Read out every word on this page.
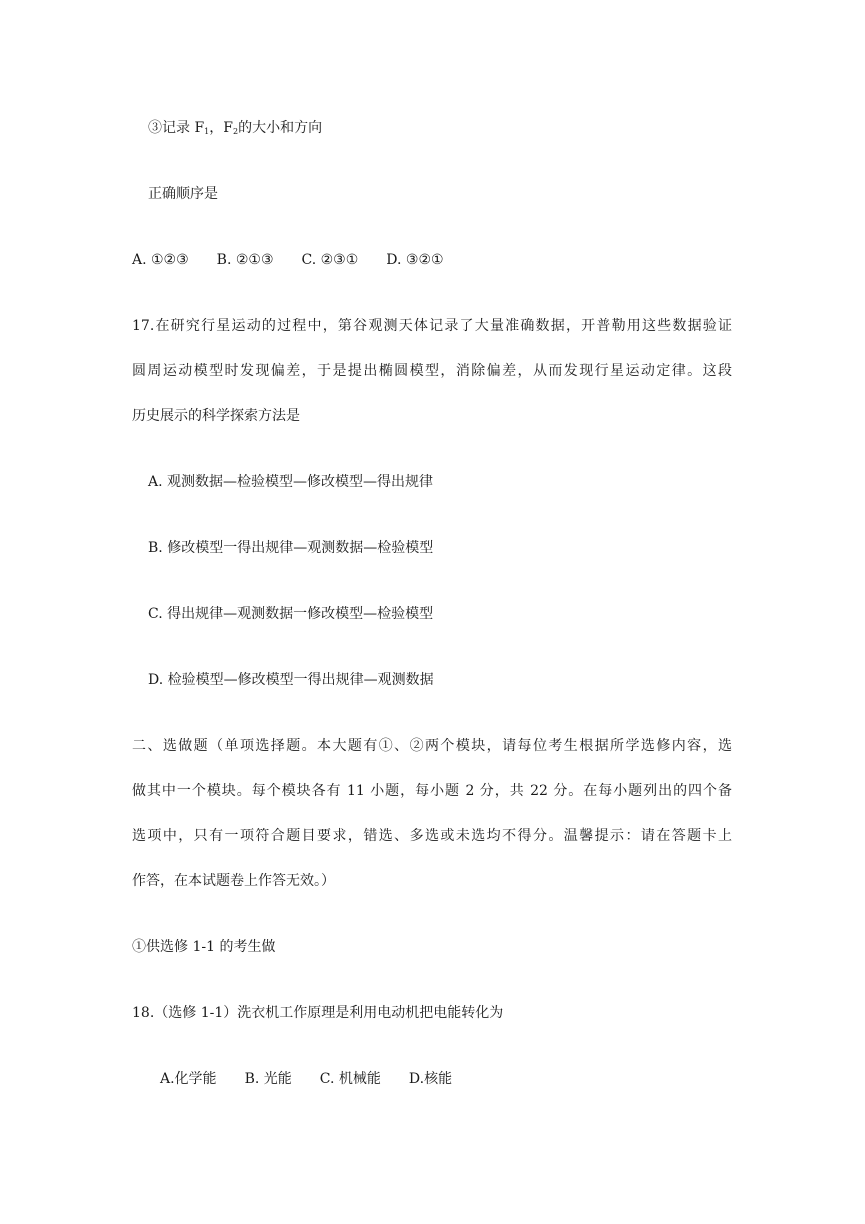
③记录 $F_1$，$F_2$的大小和方向
正确顺序是
A. ①②③ B. ②①③ C. ②③① D. ③②①
17.在研究行星运动的过程中，第谷观测天体记录了大量准确数据，开普勒用这些数据验证
圆周运动模型时发现偏差，于是提出椭圆模型，消除偏差，从而发现行星运动定律。这段
历史展示的科学探索方法是
A. 观测数据—检验模型—修改模型—得出规律
B. 修改模型一得出规律—观测数据—检验模型
C. 得出规律—观测数据一修改模型—检验模型
D. 检验模型—修改模型一得出规律—观测数据
二、选做题（单项选择题。本大题有①、②两个模块，请每位考生根据所学选修内容，选
做其中一个模块。每个模块各有 11 小题，每小题 2 分，共 22 分。在每小题列出的四个备
选项中，只有一项符合题目要求，错选、多选或未选均不得分。温馨提示：请在答题卡上
作答，在本试题卷上作答无效。）
①供选修 1-1 的考生做
18.（选修 1-1）洗衣机工作原理是利用电动机把电能转化为
A.化学能 B. 光能 C. 机械能 D.核能
